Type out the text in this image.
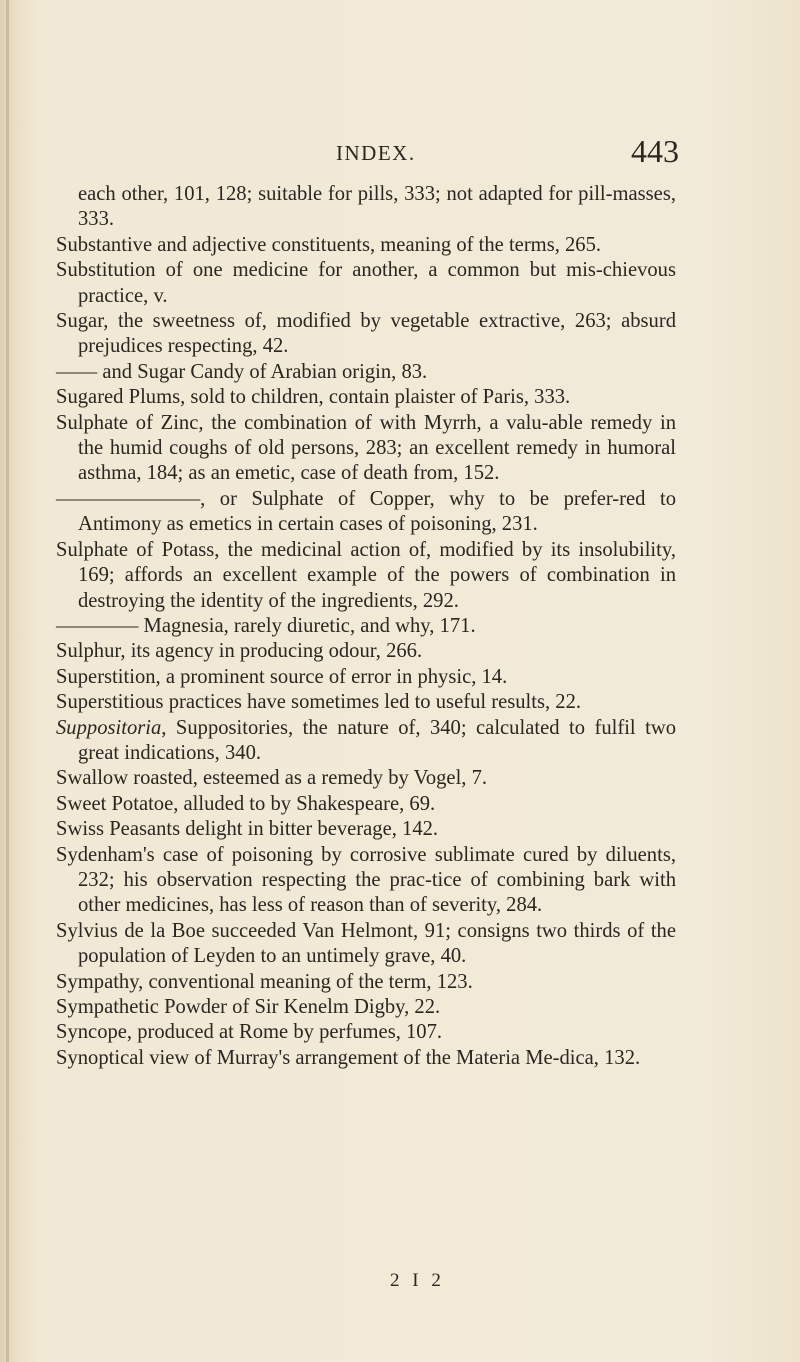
INDEX.	443
each other, 101, 128; suitable for pills, 333; not adapted for pill-masses, 333.
Substantive and adjective constituents, meaning of the terms, 265.
Substitution of one medicine for another, a common but mis-chievous practice, v.
Sugar, the sweetness of, modified by vegetable extractive, 263; absurd prejudices respecting, 42.
—— and Sugar Candy of Arabian origin, 83.
Sugared Plums, sold to children, contain plaister of Paris, 333.
Sulphate of Zinc, the combination of with Myrrh, a valu-able remedy in the humid coughs of old persons, 283; an excellent remedy in humoral asthma, 184; as an emetic, case of death from, 152.
———————, or Sulphate of Copper, why to be prefer-red to Antimony as emetics in certain cases of poisoning, 231.
Sulphate of Potass, the medicinal action of, modified by its insolubility, 169; affords an excellent example of the powers of combination in destroying the identity of the ingredients, 292.
———— Magnesia, rarely diuretic, and why, 171.
Sulphur, its agency in producing odour, 266.
Superstition, a prominent source of error in physic, 14.
Superstitious practices have sometimes led to useful results, 22.
Suppositoria, Suppositories, the nature of, 340; calculated to fulfil two great indications, 340.
Swallow roasted, esteemed as a remedy by Vogel, 7.
Sweet Potatoe, alluded to by Shakespeare, 69.
Swiss Peasants delight in bitter beverage, 142.
Sydenham's case of poisoning by corrosive sublimate cured by diluents, 232; his observation respecting the prac-tice of combining bark with other medicines, has less of reason than of severity, 284.
Sylvius de la Boe succeeded Van Helmont, 91; consigns two thirds of the population of Leyden to an untimely grave, 40.
Sympathy, conventional meaning of the term, 123.
Sympathetic Powder of Sir Kenelm Digby, 22.
Syncope, produced at Rome by perfumes, 107.
Synoptical view of Murray's arrangement of the Materia Me-dica, 132.
2 I 2
